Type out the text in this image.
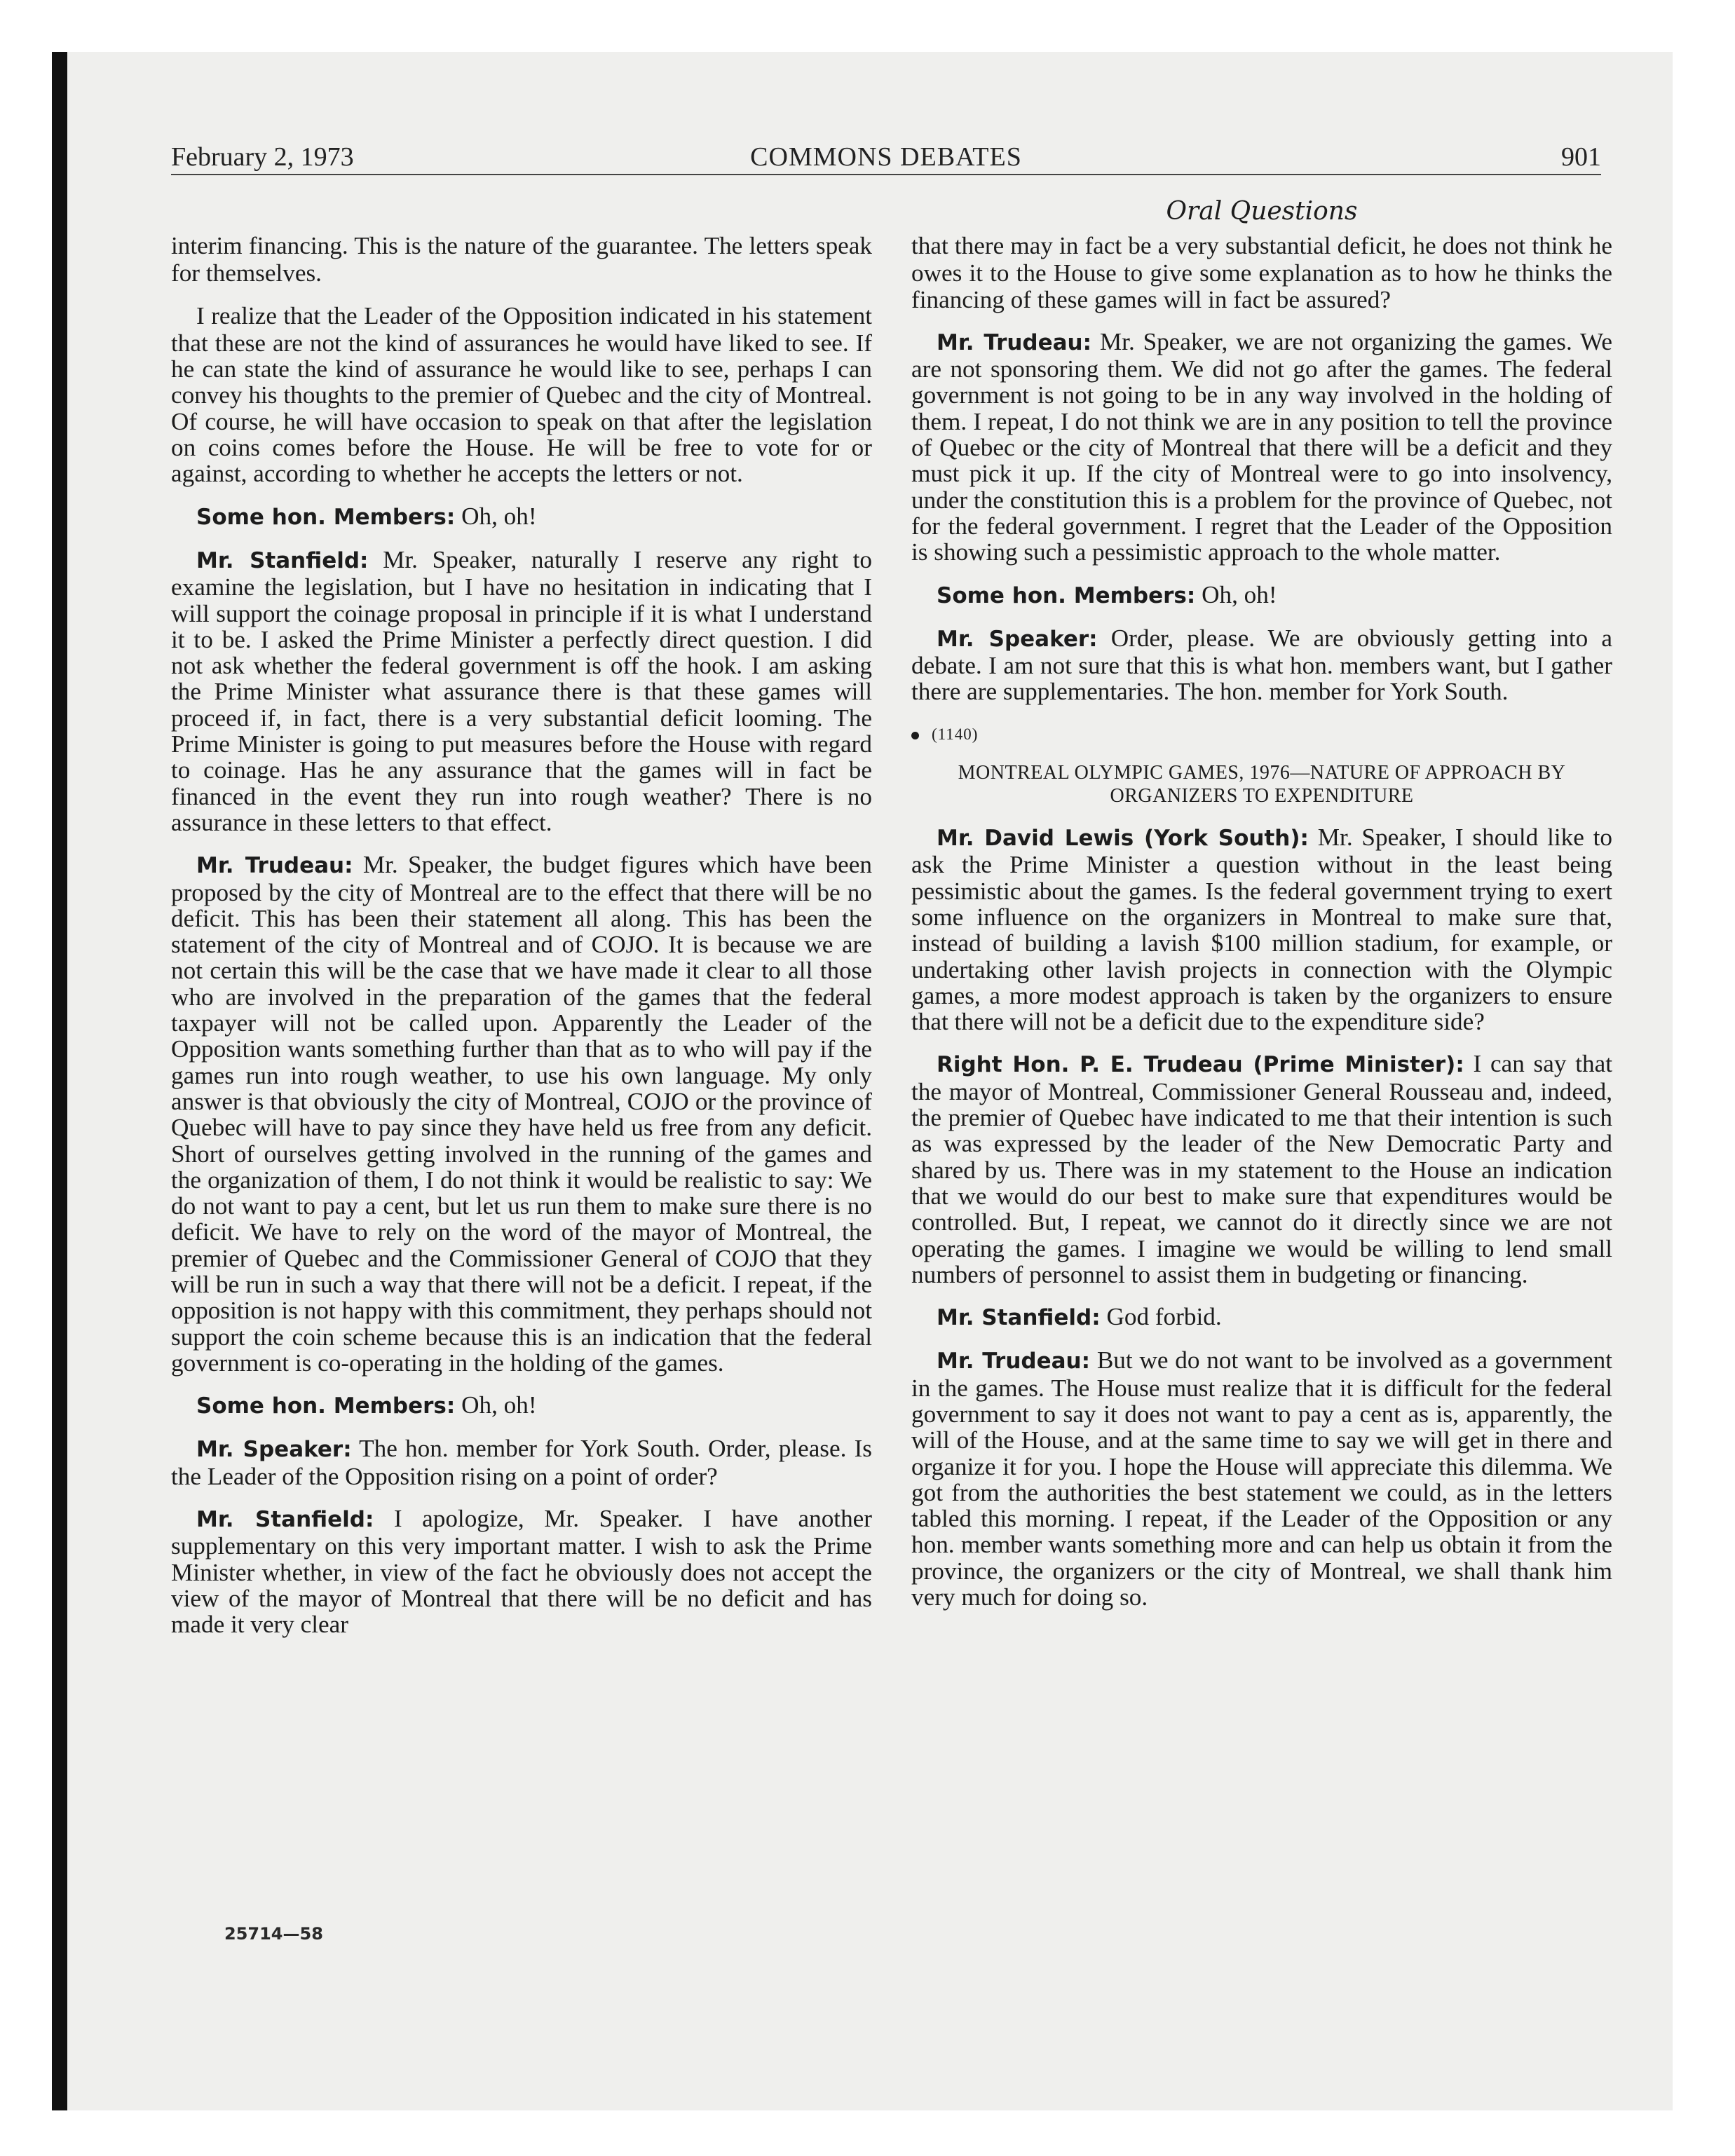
February 2, 1973	COMMONS DEBATES	901
Oral Questions

interim financing. This is the nature of the guarantee. The letters speak for themselves.

I realize that the Leader of the Opposition indicated in his statement that these are not the kind of assurances he would have liked to see. If he can state the kind of assurance he would like to see, perhaps I can convey his thoughts to the premier of Quebec and the city of Montreal. Of course, he will have occasion to speak on that after the legislation on coins comes before the House. He will be free to vote for or against, according to whether he accepts the letters or not.

Some hon. Members: Oh, oh!

Mr. Stanfield: Mr. Speaker, naturally I reserve any right to examine the legislation, but I have no hesitation in indicating that I will support the coinage proposal in principle if it is what I understand it to be. I asked the Prime Minister a perfectly direct question. I did not ask whether the federal government is off the hook. I am asking the Prime Minister what assurance there is that these games will proceed if, in fact, there is a very substantial deficit looming. The Prime Minister is going to put measures before the House with regard to coinage. Has he any assurance that the games will in fact be financed in the event they run into rough weather? There is no assurance in these letters to that effect.

Mr. Trudeau: Mr. Speaker, the budget figures which have been proposed by the city of Montreal are to the effect that there will be no deficit. This has been their statement all along. This has been the statement of the city of Montreal and of COJO. It is because we are not certain this will be the case that we have made it clear to all those who are involved in the preparation of the games that the federal taxpayer will not be called upon. Apparently the Leader of the Opposition wants something further than that as to who will pay if the games run into rough weather, to use his own language. My only answer is that obviously the city of Montreal, COJO or the province of Quebec will have to pay since they have held us free from any deficit. Short of ourselves getting involved in the running of the games and the organization of them, I do not think it would be realistic to say: We do not want to pay a cent, but let us run them to make sure there is no deficit. We have to rely on the word of the mayor of Montreal, the premier of Quebec and the Commissioner General of COJO that they will be run in such a way that there will not be a deficit. I repeat, if the opposition is not happy with this commitment, they perhaps should not support the coin scheme because this is an indication that the federal government is co-operating in the holding of the games.

Some hon. Members: Oh, oh!

Mr. Speaker: The hon. member for York South. Order, please. Is the Leader of the Opposition rising on a point of order?

Mr. Stanfield: I apologize, Mr. Speaker. I have another supplementary on this very important matter. I wish to ask the Prime Minister whether, in view of the fact he obviously does not accept the view of the mayor of Montreal that there will be no deficit and has made it very clear

that there may in fact be a very substantial deficit, he does not think he owes it to the House to give some explanation as to how he thinks the financing of these games will in fact be assured?

Mr. Trudeau: Mr. Speaker, we are not organizing the games. We are not sponsoring them. We did not go after the games. The federal government is not going to be in any way involved in the holding of them. I repeat, I do not think we are in any position to tell the province of Quebec or the city of Montreal that there will be a deficit and they must pick it up. If the city of Montreal were to go into insolvency, under the constitution this is a problem for the province of Quebec, not for the federal government. I regret that the Leader of the Opposition is showing such a pessimistic approach to the whole matter.

Some hon. Members: Oh, oh!

Mr. Speaker: Order, please. We are obviously getting into a debate. I am not sure that this is what hon. members want, but I gather there are supplementaries. The hon. member for York South.

(1140)

MONTREAL OLYMPIC GAMES, 1976—NATURE OF APPROACH BY ORGANIZERS TO EXPENDITURE

Mr. David Lewis (York South): Mr. Speaker, I should like to ask the Prime Minister a question without in the least being pessimistic about the games. Is the federal government trying to exert some influence on the organizers in Montreal to make sure that, instead of building a lavish $100 million stadium, for example, or undertaking other lavish projects in connection with the Olympic games, a more modest approach is taken by the organizers to ensure that there will not be a deficit due to the expenditure side?

Right Hon. P. E. Trudeau (Prime Minister): I can say that the mayor of Montreal, Commissioner General Rousseau and, indeed, the premier of Quebec have indicated to me that their intention is such as was expressed by the leader of the New Democratic Party and shared by us. There was in my statement to the House an indication that we would do our best to make sure that expenditures would be controlled. But, I repeat, we cannot do it directly since we are not operating the games. I imagine we would be willing to lend small numbers of personnel to assist them in budgeting or financing.

Mr. Stanfield: God forbid.

Mr. Trudeau: But we do not want to be involved as a government in the games. The House must realize that it is difficult for the federal government to say it does not want to pay a cent as is, apparently, the will of the House, and at the same time to say we will get in there and organize it for you. I hope the House will appreciate this dilemma. We got from the authorities the best statement we could, as in the letters tabled this morning. I repeat, if the Leader of the Opposition or any hon. member wants something more and can help us obtain it from the province, the organizers or the city of Montreal, we shall thank him very much for doing so.

25714—58
